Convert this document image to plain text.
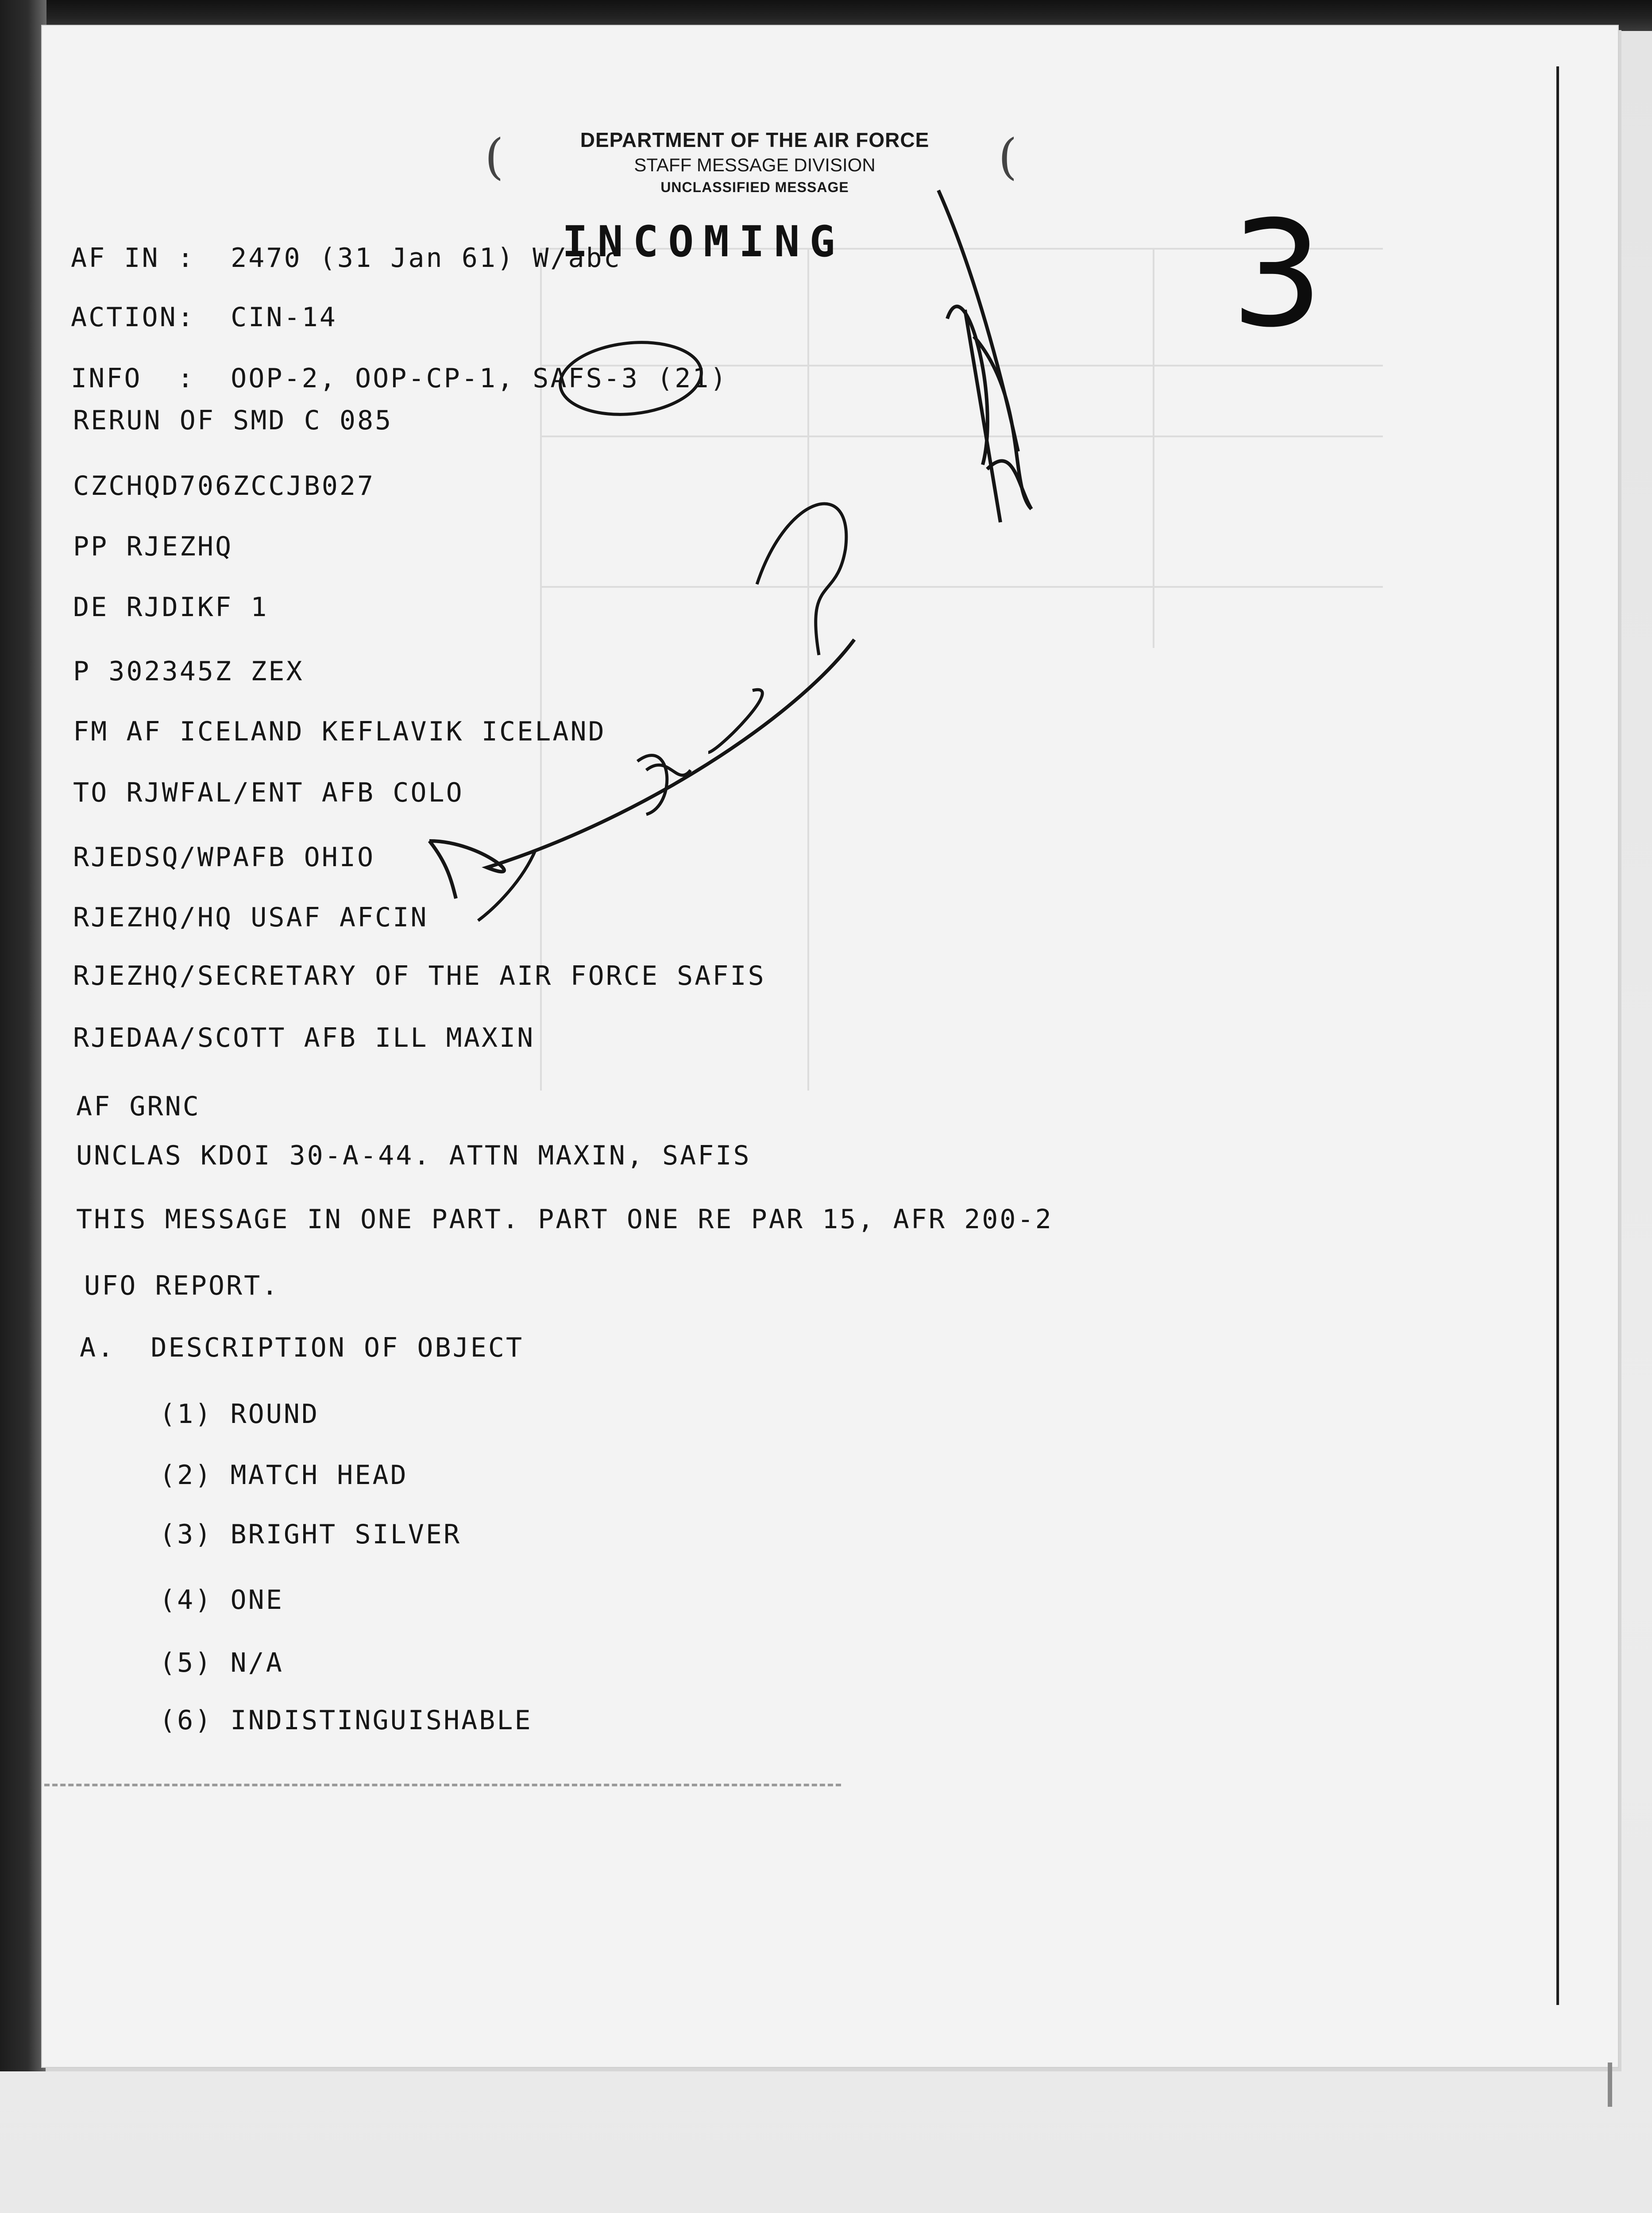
(	(
DEPARTMENT OF THE AIR FORCE
STAFF MESSAGE DIVISION
UNCLASSIFIED MESSAGE
AF IN :  2470 (31 Jan 61) W/abc
INCOMING	3
ACTION:  CIN-14
INFO  :  OOP-2, OOP-CP-1, SAFS-3 (21)
RERUN OF SMD C 085
CZCHQD706ZCCJB027
PP RJEZHQ
DE RJDIKF 1
P 302345Z ZEX
FM AF ICELAND KEFLAVIK ICELAND
TO RJWFAL/ENT AFB COLO
RJEDSQ/WPAFB OHIO
RJEZHQ/HQ USAF AFCIN
RJEZHQ/SECRETARY OF THE AIR FORCE SAFIS
RJEDAA/SCOTT AFB ILL MAXIN
AF GRNC
UNCLAS KDOI 30-A-44. ATTN MAXIN, SAFIS
THIS MESSAGE IN ONE PART. PART ONE RE PAR 15, AFR 200-2
UFO REPORT.
A.  DESCRIPTION OF OBJECT
(1) ROUND
(2) MATCH HEAD
(3) BRIGHT SILVER
(4) ONE
(5) N/A
(6) INDISTINGUISHABLE
